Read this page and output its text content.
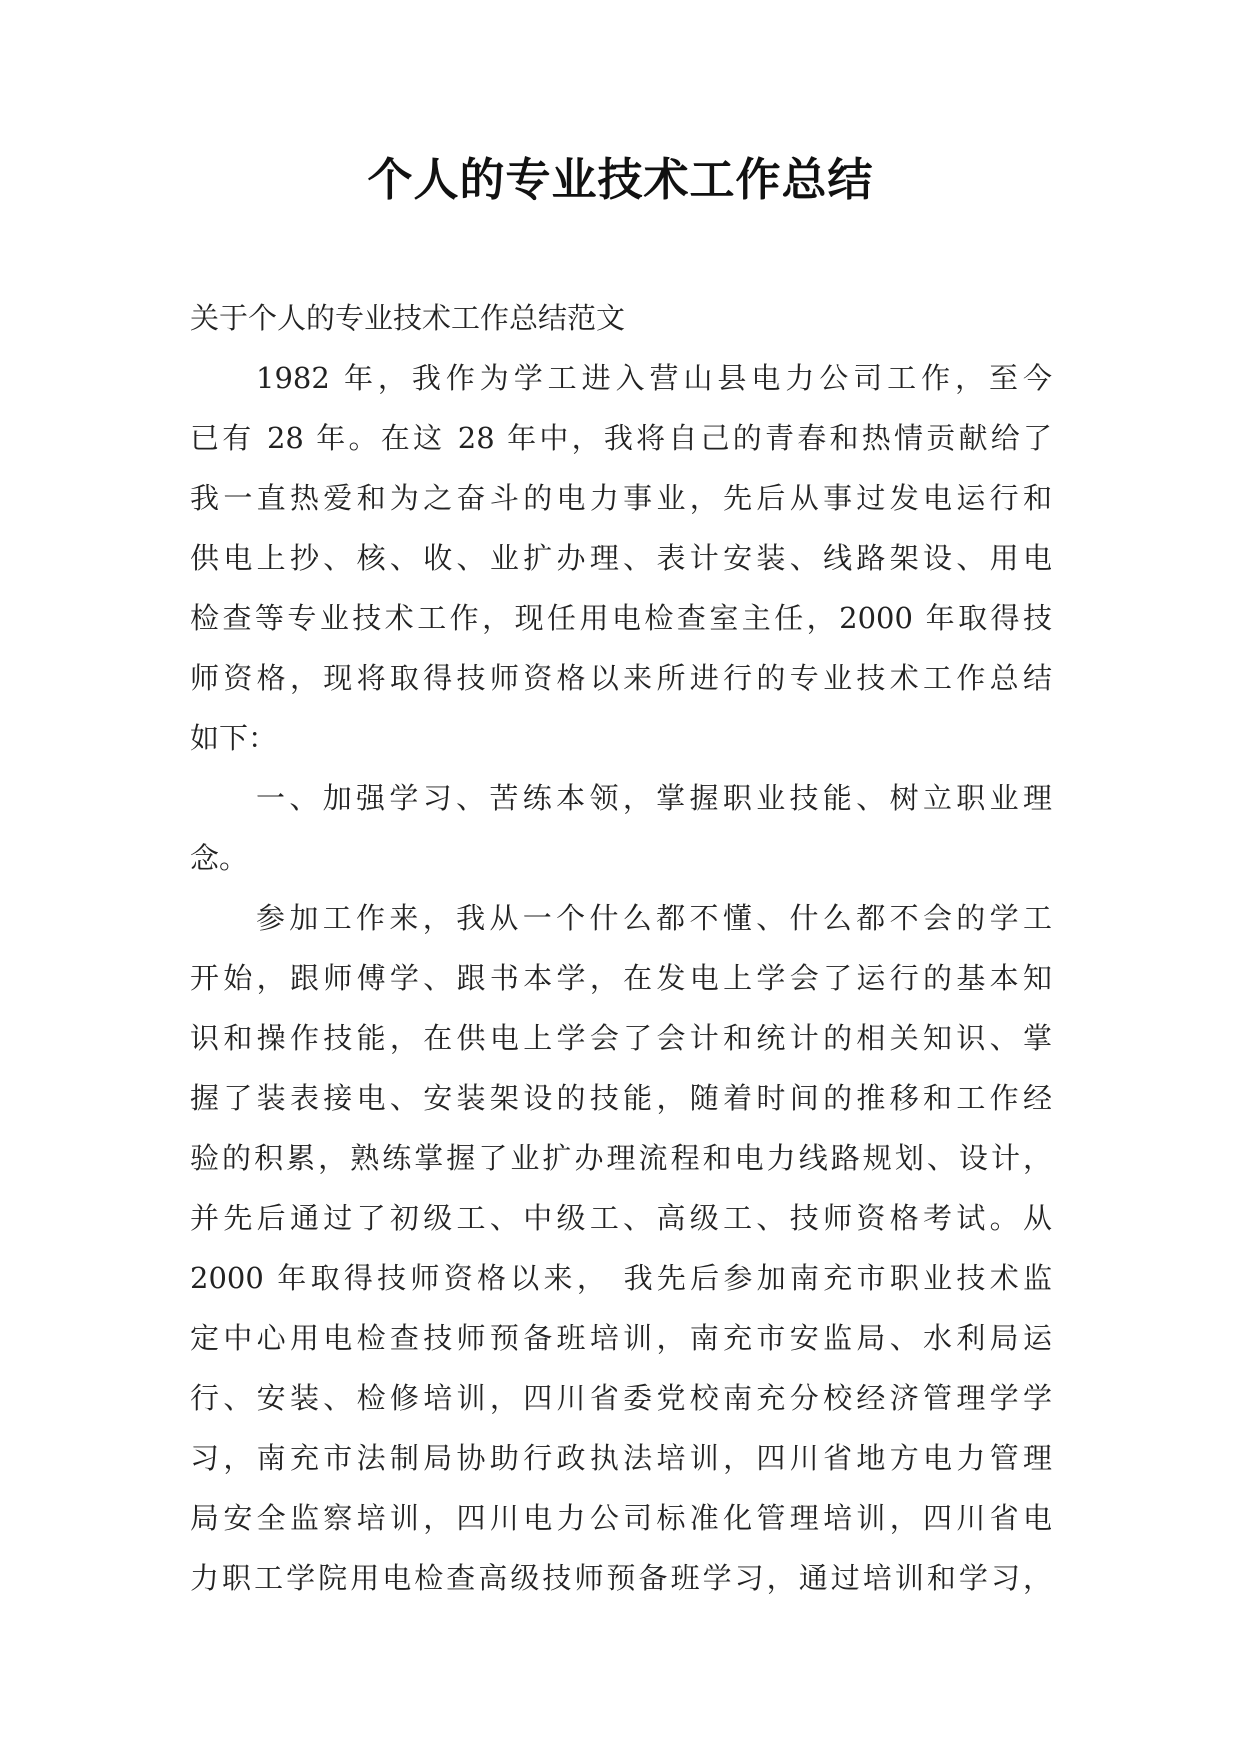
个人的专业技术工作总结
关于个人的专业技术工作总结范文
1982 年，我作为学工进入营山县电力公司工作，至今
已有 28 年。在这 28 年中，我将自己的青春和热情贡献给了
我一直热爱和为之奋斗的电力事业，先后从事过发电运行和
供电上抄、核、收、业扩办理、表计安装、线路架设、用电
检查等专业技术工作，现任用电检查室主任，2000 年取得技
师资格，现将取得技师资格以来所进行的专业技术工作总结
如下：
一、加强学习、苦练本领，掌握职业技能、树立职业理
念。
参加工作来，我从一个什么都不懂、什么都不会的学工
开始，跟师傅学、跟书本学，在发电上学会了运行的基本知
识和操作技能，在供电上学会了会计和统计的相关知识、掌
握了装表接电、安装架设的技能，随着时间的推移和工作经
验的积累，熟练掌握了业扩办理流程和电力线路规划、设计，
并先后通过了初级工、中级工、高级工、技师资格考试。从
2000 年取得技师资格以来， 我先后参加南充市职业技术监
定中心用电检查技师预备班培训，南充市安监局、水利局运
行、安装、检修培训，四川省委党校南充分校经济管理学学
习，南充市法制局协助行政执法培训，四川省地方电力管理
局安全监察培训，四川电力公司标准化管理培训，四川省电
力职工学院用电检查高级技师预备班学习，通过培训和学习，
